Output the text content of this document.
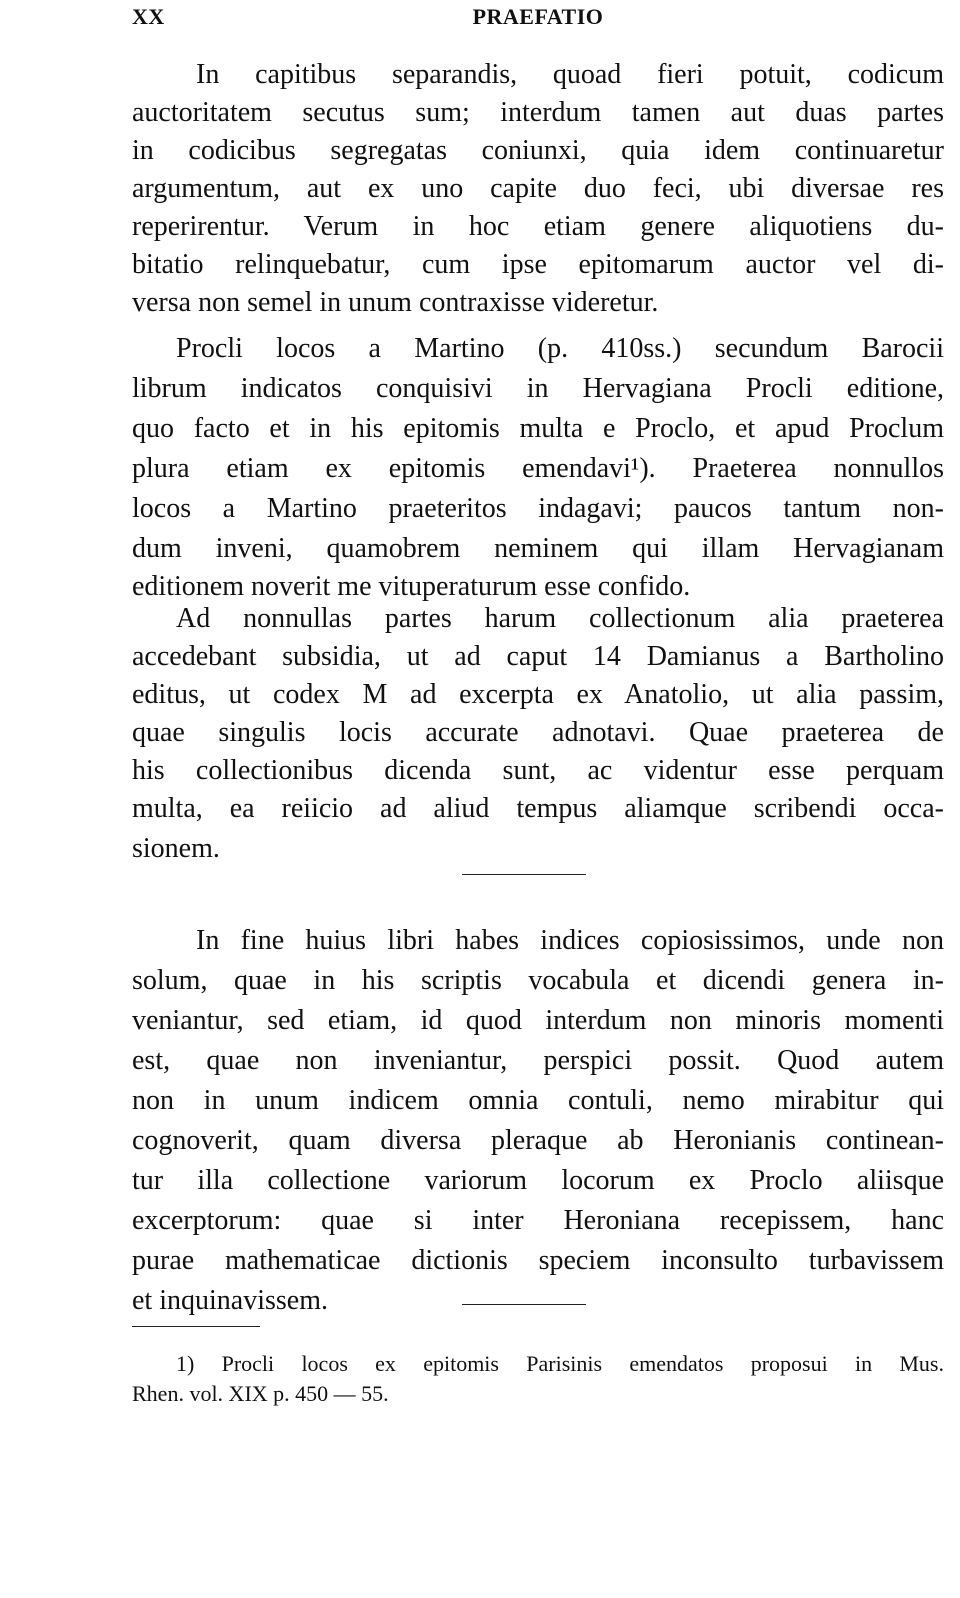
XX	PRAEFATIO
In capitibus separandis, quoad fieri potuit, codicum
auctoritatem secutus sum; interdum tamen aut duas partes
in codicibus segregatas coniunxi, quia idem continuaretur
argumentum, aut ex uno capite duo feci, ubi diversae res
reperirentur. Verum in hoc etiam genere aliquotiens du-
bitatio relinquebatur, cum ipse epitomarum auctor vel di-
versa non semel in unum contraxisse videretur.
Procli locos a Martino (p. 410ss.) secundum Barocii
librum indicatos conquisivi in Hervagiana Procli editione,
quo facto et in his epitomis multa e Proclo, et apud Proclum
plura etiam ex epitomis emendavi¹). Praeterea nonnullos
locos a Martino praeteritos indagavi; paucos tantum non-
dum inveni, quamobrem neminem qui illam Hervagianam
editionem noverit me vituperaturum esse confido.
Ad nonnullas partes harum collectionum alia praeterea
accedebant subsidia, ut ad caput 14 Damianus a Bartholino
editus, ut codex M ad excerpta ex Anatolio, ut alia passim,
quae singulis locis accurate adnotavi. Quae praeterea de
his collectionibus dicenda sunt, ac videntur esse perquam
multa, ea reiicio ad aliud tempus aliamque scribendi occa-
sionem.
In fine huius libri habes indices copiosissimos, unde non
solum, quae in his scriptis vocabula et dicendi genera in-
veniantur, sed etiam, id quod interdum non minoris momenti
est, quae non inveniantur, perspici possit. Quod autem
non in unum indicem omnia contuli, nemo mirabitur qui
cognoverit, quam diversa pleraque ab Heronianis continean-
tur illa collectione variorum locorum ex Proclo aliisque
excerptorum: quae si inter Heroniana recepissem, hanc
purae mathematicae dictionis speciem inconsulto turbavissem
et inquinavissem.
1) Procli locos ex epitomis Parisinis emendatos proposui in Mus.
Rhen. vol. XIX p. 450 — 55.
